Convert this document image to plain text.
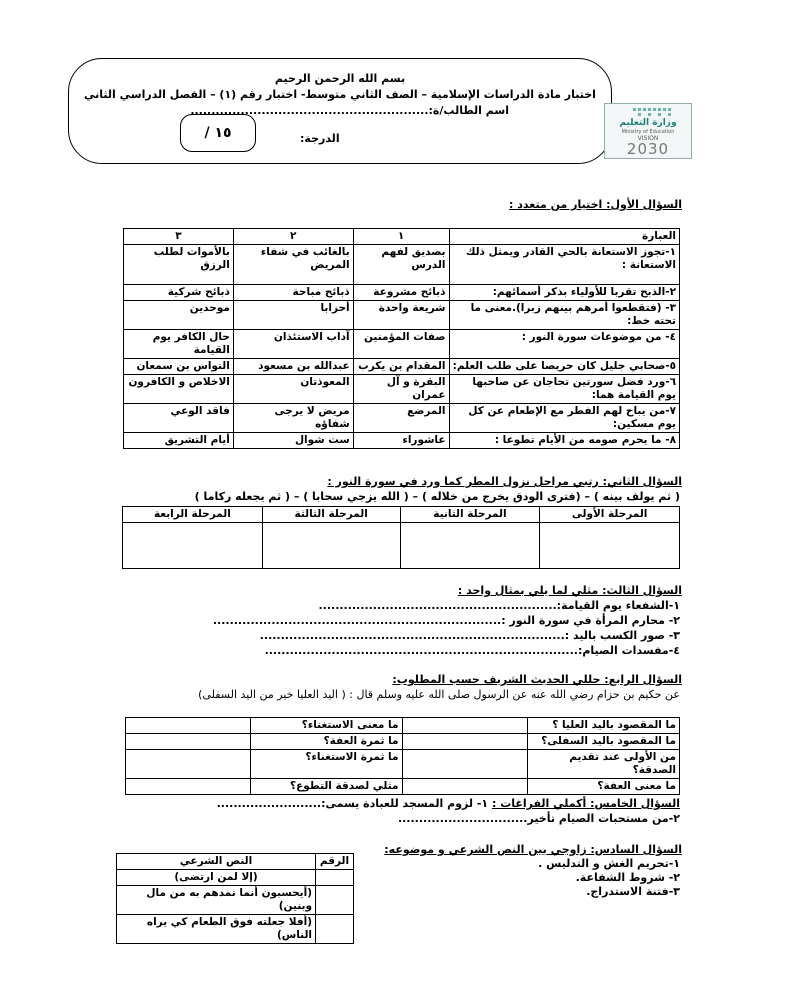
بسم الله الرحمن الرحيم
اختبار مادة الدراسات الإسلامية – الصف الثاني متوسط- اختبار رقم (١) – الفصل الدراسي الثاني
اسم الطالب/ة:.........................................................
/ ١٥	الدرجة:
وزارة التعليم
Ministry of Education
VISION
2030
السؤال الأول: اختيار من متعدد :
العبارة	١	٢	٣
١-تجوز الاستعانة بالحي القادر ويمثل ذلك الاستعانة :	بصديق لفهم الدرس	بالغائب في شفاء المريض	بالأموات لطلب الرزق
٢-الذبح تقربا للأولياء بذكر أسمائهم:	ذبائح مشروعة	ذبائح مباحة	ذبائح شركية
٣- (فتقطعوا أمرهم بينهم زبرا).معنى ما تحته خط:	شريعة واحدة	أحزابا	موحدين
٤- من موضوعات سورة النور :	صفات المؤمنين	آداب الاستئذان	حال الكافر يوم القيامة
٥-صحابي جليل كان حريصا على طلب العلم:	المقدام بن يكرب	عبدالله بن مسعود	النواس بن سمعان
٦-ورد فضل سورتين تحاجان عن صاحبها يوم القيامة هما:	البقرة و آل عمران	المعوذتان	الاخلاص و الكافرون
٧-من يباح لهم الفطر مع الإطعام عن كل يوم مسكين:	المرضع	مريض لا يرجى شفاؤه	فاقد الوعي
٨- ما يحرم صومه من الأيام تطوعا :	عاشوراء	ست شوال	أيام التشريق
السؤال الثاني: رتبي مراحل نزول المطر كما ورد في سورة النور :
( ثم يولف بينه ) – (فترى الودق يخرج من خلاله ) – ( الله يزجي سحابا ) – ( ثم يجعله ركاما )
المرحلة الأولى	المرحلة الثانية	المرحلة الثالثة	المرحلة الرابعة

السؤال الثالث: مثلي لما يلي بمثال واحد :
١-الشفعاء يوم القيامة:.........................................................
٢- محارم المرأة في سورة النور :.....................................................................
٣- صور الكسب باليد :.........................................................................
٤-مفسدات الصيام:...........................................................................
السؤال الرابع: حللي الحديث الشريف حسب المطلوب:
عن حكيم بن حزام رضي الله عنه عن الرسول صلى الله عليه وسلم قال : ( اليد العليا خير من اليد السفلى)
ما المقصود باليد العليا ؟		ما معنى الاستغناء؟	
ما المقصود باليد السفلى؟		ما ثمرة العفة؟	
من الأولى عند تقديم الصدقة؟		ما ثمرة الاستغناء؟	
ما معنى العفة؟		مثلي لصدقة التطوع؟	
السؤال الخامس: أكملي الفراغات : ١- لزوم المسجد للعبادة يسمى:.........................
٢-من مستحبات الصيام تأخير...............................
السؤال السادس: زاوجي بين النص الشرعي و موضوعه:
١-تحريم الغش و التدليس .
٢- شروط الشفاعة.
٣-فتنة الاستدراج.
الرقم	النص الشرعي
	(إلا لمن ارتضى)
	(أيحسبون أنما نمدهم به من مال وبنين)
	(أفلا جعلته فوق الطعام كي يراه الناس)
